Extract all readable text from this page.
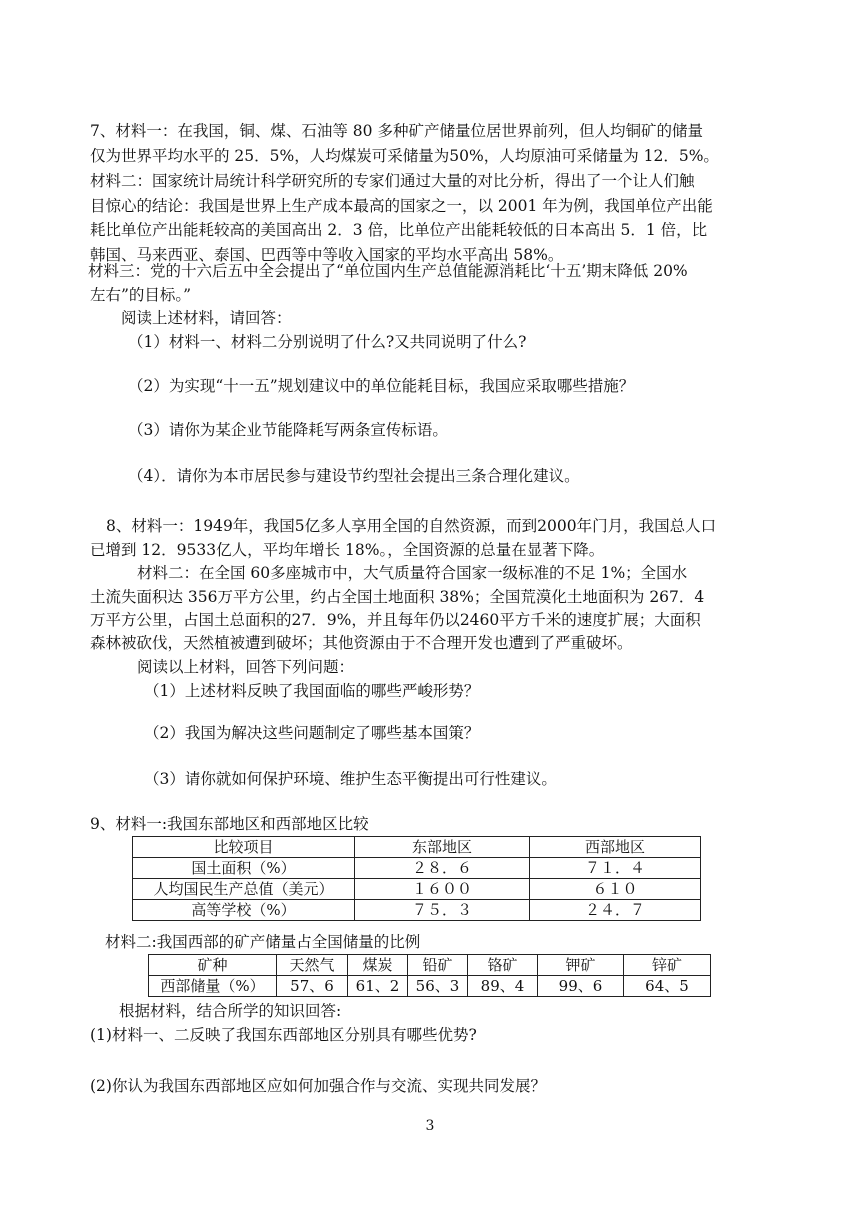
7、材料一：在我国，铜、煤、石油等 80 多种矿产储量位居世界前列，但人均铜矿的储量
仅为世界平均水平的 25．5%，人均煤炭可采储量为50%，人均原油可采储量为 12．5%。
材料二：国家统计局统计科学研究所的专家们通过大量的对比分析，得出了一个让人们触
目惊心的结论：我国是世界上生产成本最高的国家之一，以 2001 年为例，我国单位产出能
耗比单位产出能耗较高的美国高出 2．3 倍，比单位产出能耗较低的日本高出 5．1 倍，比
韩国、马来西亚、泰国、巴西等中等收入国家的平均水平高出 58%。
材料三：党的十六后五中全会提出了“单位国内生产总值能源消耗比‘十五’期末降低 20%
左右”的目标。”
阅读上述材料，请回答：
（1）材料一、材料二分别说明了什么?又共同说明了什么?
（2）为实现“十一五”规划建议中的单位能耗目标，我国应采取哪些措施？
（3）请你为某企业节能降耗写两条宣传标语。
（4）．请你为本市居民参与建设节约型社会提出三条合理化建议。
8、材料一：1949年，我国5亿多人享用全国的自然资源，而到2000年门月，我国总人口
已增到 12．9533亿人，平均年增长 18%。，全国资源的总量在显著下降。
材料二：在全国 60多座城市中，大气质量符合国家一级标准的不足 1%；全国水
土流失面积达 356万平方公里，约占全国土地面积 38%；全国荒漠化土地面积为 267．4
万平方公里，占国土总面积的27．9%，并且每年仍以2460平方千米的速度扩展；大面积
森林被砍伐，天然植被遭到破坏；其他资源由于不合理开发也遭到了严重破坏。
阅读以上材料，回答下列问题：
（1）上述材料反映了我国面临的哪些严峻形势？
（2）我国为解决这些问题制定了哪些基本国策？
（3）请你就如何保护环境、维护生态平衡提出可行性建议。
9、材料一:我国东部地区和西部地区比较
比较项目	东部地区	西部地区
国土面积（%）	２８．６	７１．４
人均国民生产总值（美元）	１６００	６１０
高等学校（%）	７５．３	２４．７
材料二:我国西部的矿产储量占全国储量的比例
矿种	天然气	煤炭	铅矿	铬矿	钾矿	锌矿
西部储量（%）	57、6	61、2	56、3	89、4	99、6	64、5
根据材料，结合所学的知识回答:
(1)材料一、二反映了我国东西部地区分别具有哪些优势?
(2)你认为我国东西部地区应如何加强合作与交流、实现共同发展？
3
